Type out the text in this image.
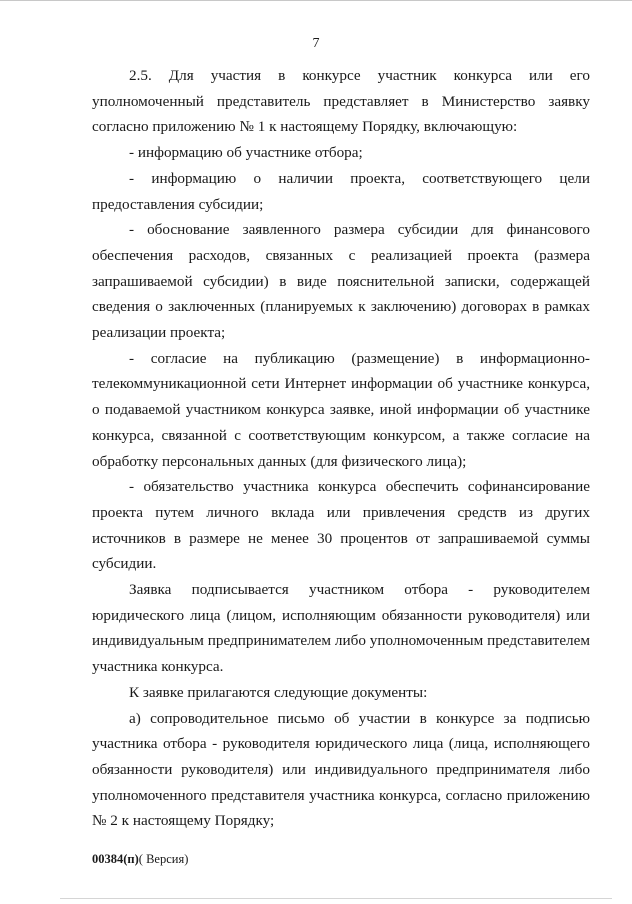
7

2.5. Для участия в конкурсе участник конкурса или его уполномоченный представитель представляет в Министерство заявку согласно приложению № 1 к настоящему Порядку, включающую:

- информацию об участнике отбора;

- информацию о наличии проекта, соответствующего цели предоставления субсидии;

- обоснование заявленного размера субсидии для финансового обеспечения расходов, связанных с реализацией проекта (размера запрашиваемой субсидии) в виде пояснительной записки, содержащей сведения о заключенных (планируемых к заключению) договорах в рамках реализации проекта;

- согласие на публикацию (размещение) в информационно-телекоммуникационной сети Интернет информации об участнике конкурса, о подаваемой участником конкурса заявке, иной информации об участнике конкурса, связанной с соответствующим конкурсом, а также согласие на обработку персональных данных (для физического лица);

- обязательство участника конкурса обеспечить софинансирование проекта путем личного вклада или привлечения средств из других источников в размере не менее 30 процентов от запрашиваемой суммы субсидии.

Заявка подписывается участником отбора - руководителем юридического лица (лицом, исполняющим обязанности руководителя) или индивидуальным предпринимателем либо уполномоченным представителем участника конкурса.

К заявке прилагаются следующие документы:

а) сопроводительное письмо об участии в конкурсе за подписью участника отбора - руководителя юридического лица (лица, исполняющего обязанности руководителя) или индивидуального предпринимателя либо уполномоченного представителя участника конкурса, согласно приложению № 2 к настоящему Порядку;

00384(п)( Версия)
